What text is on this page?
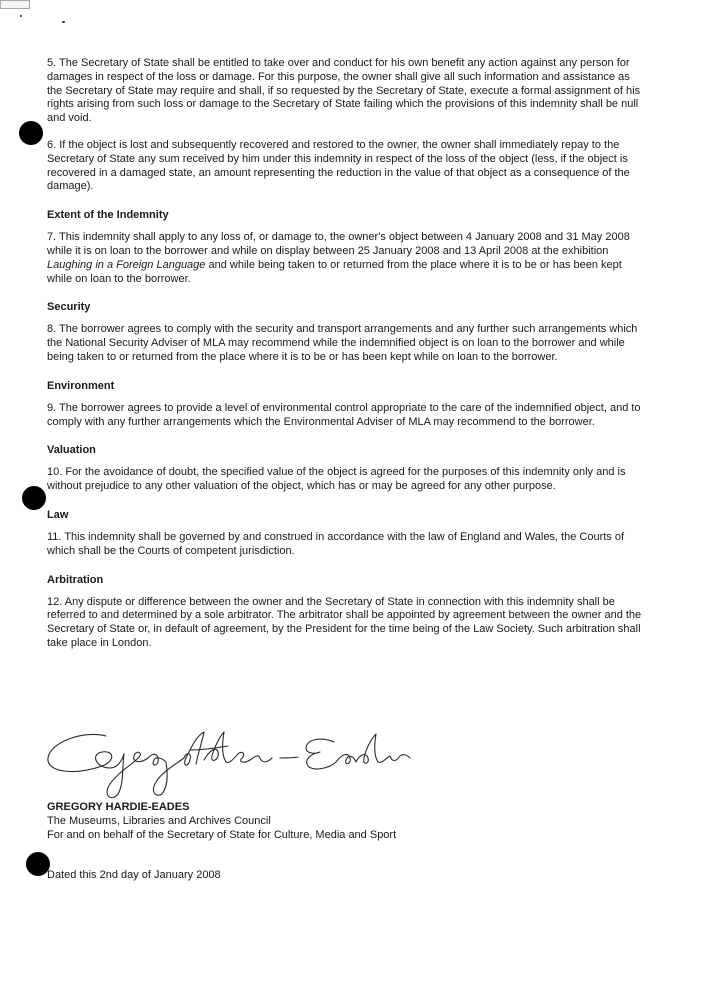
5. The Secretary of State shall be entitled to take over and conduct for his own benefit any action against any person for damages in respect of the loss or damage. For this purpose, the owner shall give all such information and assistance as the Secretary of State may require and shall, if so requested by the Secretary of State, execute a formal assignment of his rights arising from such loss or damage to the Secretary of State failing which the provisions of this indemnity shall be null and void.

6. If the object is lost and subsequently recovered and restored to the owner, the owner shall immediately repay to the Secretary of State any sum received by him under this indemnity in respect of the loss of the object (less, if the object is recovered in a damaged state, an amount representing the reduction in the value of that object as a consequence of the damage).

Extent of the Indemnity

7. This indemnity shall apply to any loss of, or damage to, the owner's object between 4 January 2008 and 31 May 2008 while it is on loan to the borrower and while on display between 25 January 2008 and 13 April 2008 at the exhibition Laughing in a Foreign Language and while being taken to or returned from the place where it is to be or has been kept while on loan to the borrower.

Security

8. The borrower agrees to comply with the security and transport arrangements and any further such arrangements which the National Security Adviser of MLA may recommend while the indemnified object is on loan to the borrower and while being taken to or returned from the place where it is to be or has been kept while on loan to the borrower.

Environment

9. The borrower agrees to provide a level of environmental control appropriate to the care of the indemnified object, and to comply with any further arrangements which the Environmental Adviser of MLA may recommend to the borrower.

Valuation

10. For the avoidance of doubt, the specified value of the object is agreed for the purposes of this indemnity only and is without prejudice to any other valuation of the object, which has or may be agreed for any other purpose.

Law

11. This indemnity shall be governed by and construed in accordance with the law of England and Wales, the Courts of which shall be the Courts of competent jurisdiction.

Arbitration

12. Any dispute or difference between the owner and the Secretary of State in connection with this indemnity shall be referred to and determined by a sole arbitrator. The arbitrator shall be appointed by agreement between the owner and the Secretary of State or, in default of agreement, by the President for the time being of the Law Society. Such arbitration shall take place in London.

GREGORY HARDIE-EADES

The Museums, Libraries and Archives Council

For and on behalf of the Secretary of State for Culture, Media and Sport

Dated this 2nd day of January 2008
